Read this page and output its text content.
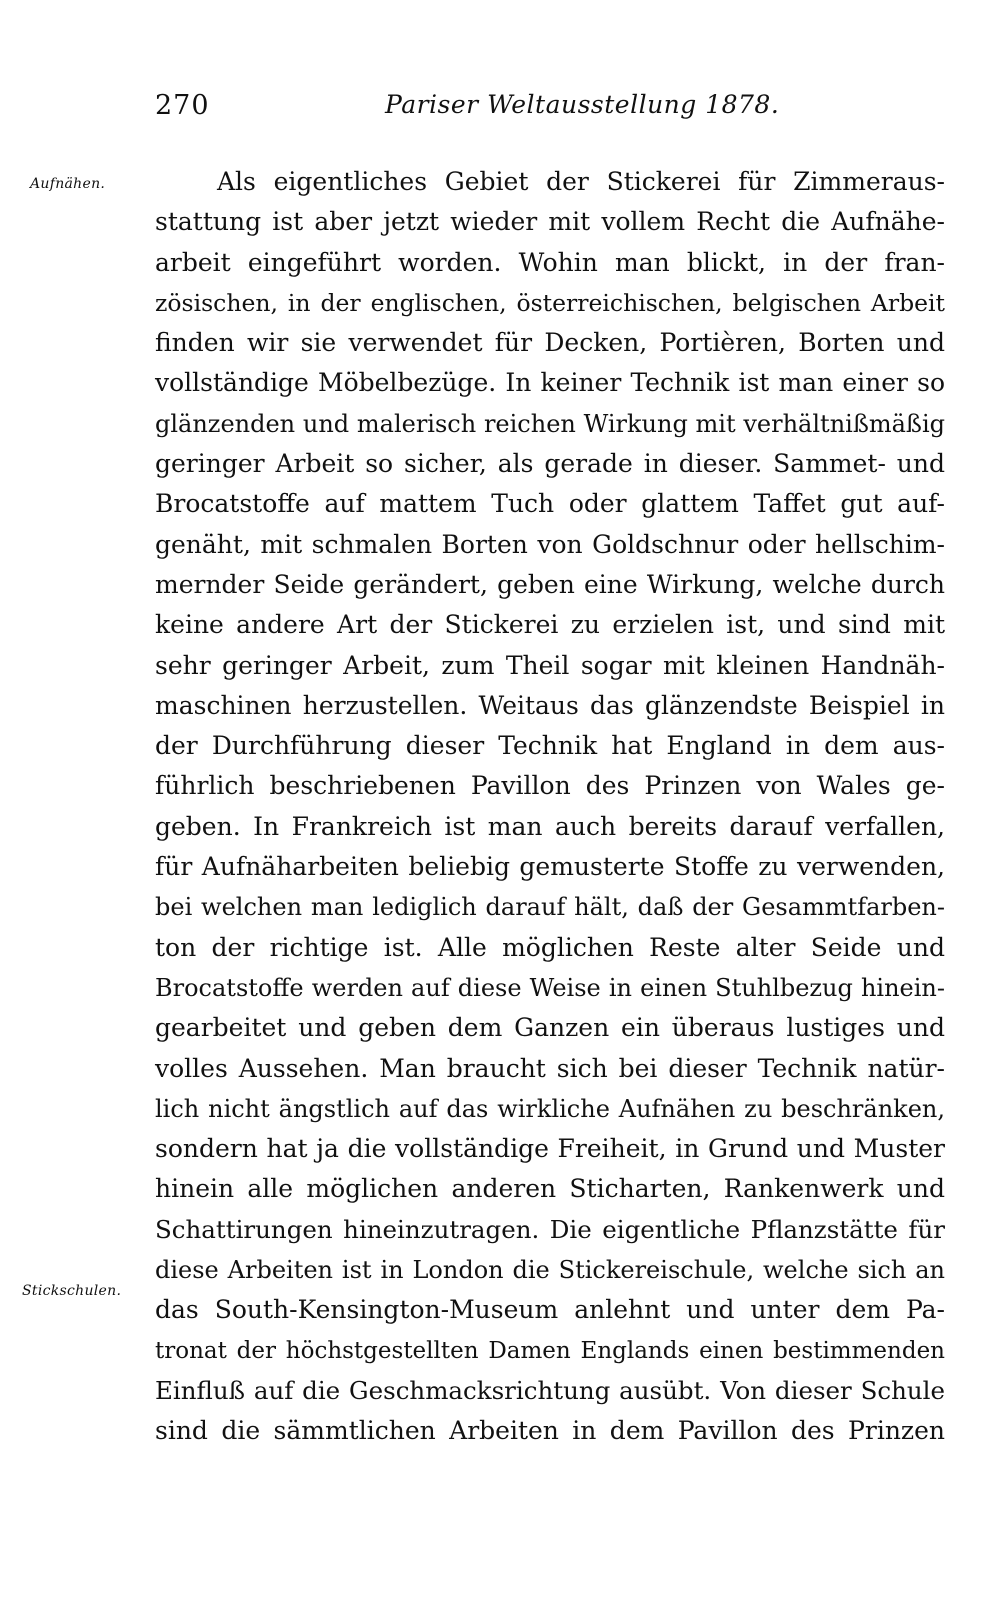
270	Pariser Weltausstellung 1878.
Aufnähen.
Stickschulen.
Als eigentliches Gebiet der Stickerei für Zimmeraus-
stattung ist aber jetzt wieder mit vollem Recht die Aufnähe-
arbeit eingeführt worden. Wohin man blickt, in der fran-
zösischen, in der englischen, österreichischen, belgischen Arbeit
finden wir sie verwendet für Decken, Portièren, Borten und
vollständige Möbelbezüge. In keiner Technik ist man einer so
glänzenden und malerisch reichen Wirkung mit verhältnißmäßig
geringer Arbeit so sicher, als gerade in dieser. Sammet- und
Brocatstoffe auf mattem Tuch oder glattem Taffet gut auf-
genäht, mit schmalen Borten von Goldschnur oder hellschim-
mernder Seide gerändert, geben eine Wirkung, welche durch
keine andere Art der Stickerei zu erzielen ist, und sind mit
sehr geringer Arbeit, zum Theil sogar mit kleinen Handnäh-
maschinen herzustellen. Weitaus das glänzendste Beispiel in
der Durchführung dieser Technik hat England in dem aus-
führlich beschriebenen Pavillon des Prinzen von Wales ge-
geben. In Frankreich ist man auch bereits darauf verfallen,
für Aufnäharbeiten beliebig gemusterte Stoffe zu verwenden,
bei welchen man lediglich darauf hält, daß der Gesammtfarben-
ton der richtige ist. Alle möglichen Reste alter Seide und
Brocatstoffe werden auf diese Weise in einen Stuhlbezug hinein-
gearbeitet und geben dem Ganzen ein überaus lustiges und
volles Aussehen. Man braucht sich bei dieser Technik natür-
lich nicht ängstlich auf das wirkliche Aufnähen zu beschränken,
sondern hat ja die vollständige Freiheit, in Grund und Muster
hinein alle möglichen anderen Sticharten, Rankenwerk und
Schattirungen hineinzutragen. Die eigentliche Pflanzstätte für
diese Arbeiten ist in London die Stickereischule, welche sich an
das South-Kensington-Museum anlehnt und unter dem Pa-
tronat der höchstgestellten Damen Englands einen bestimmenden
Einfluß auf die Geschmacksrichtung ausübt. Von dieser Schule
sind die sämmtlichen Arbeiten in dem Pavillon des Prinzen
